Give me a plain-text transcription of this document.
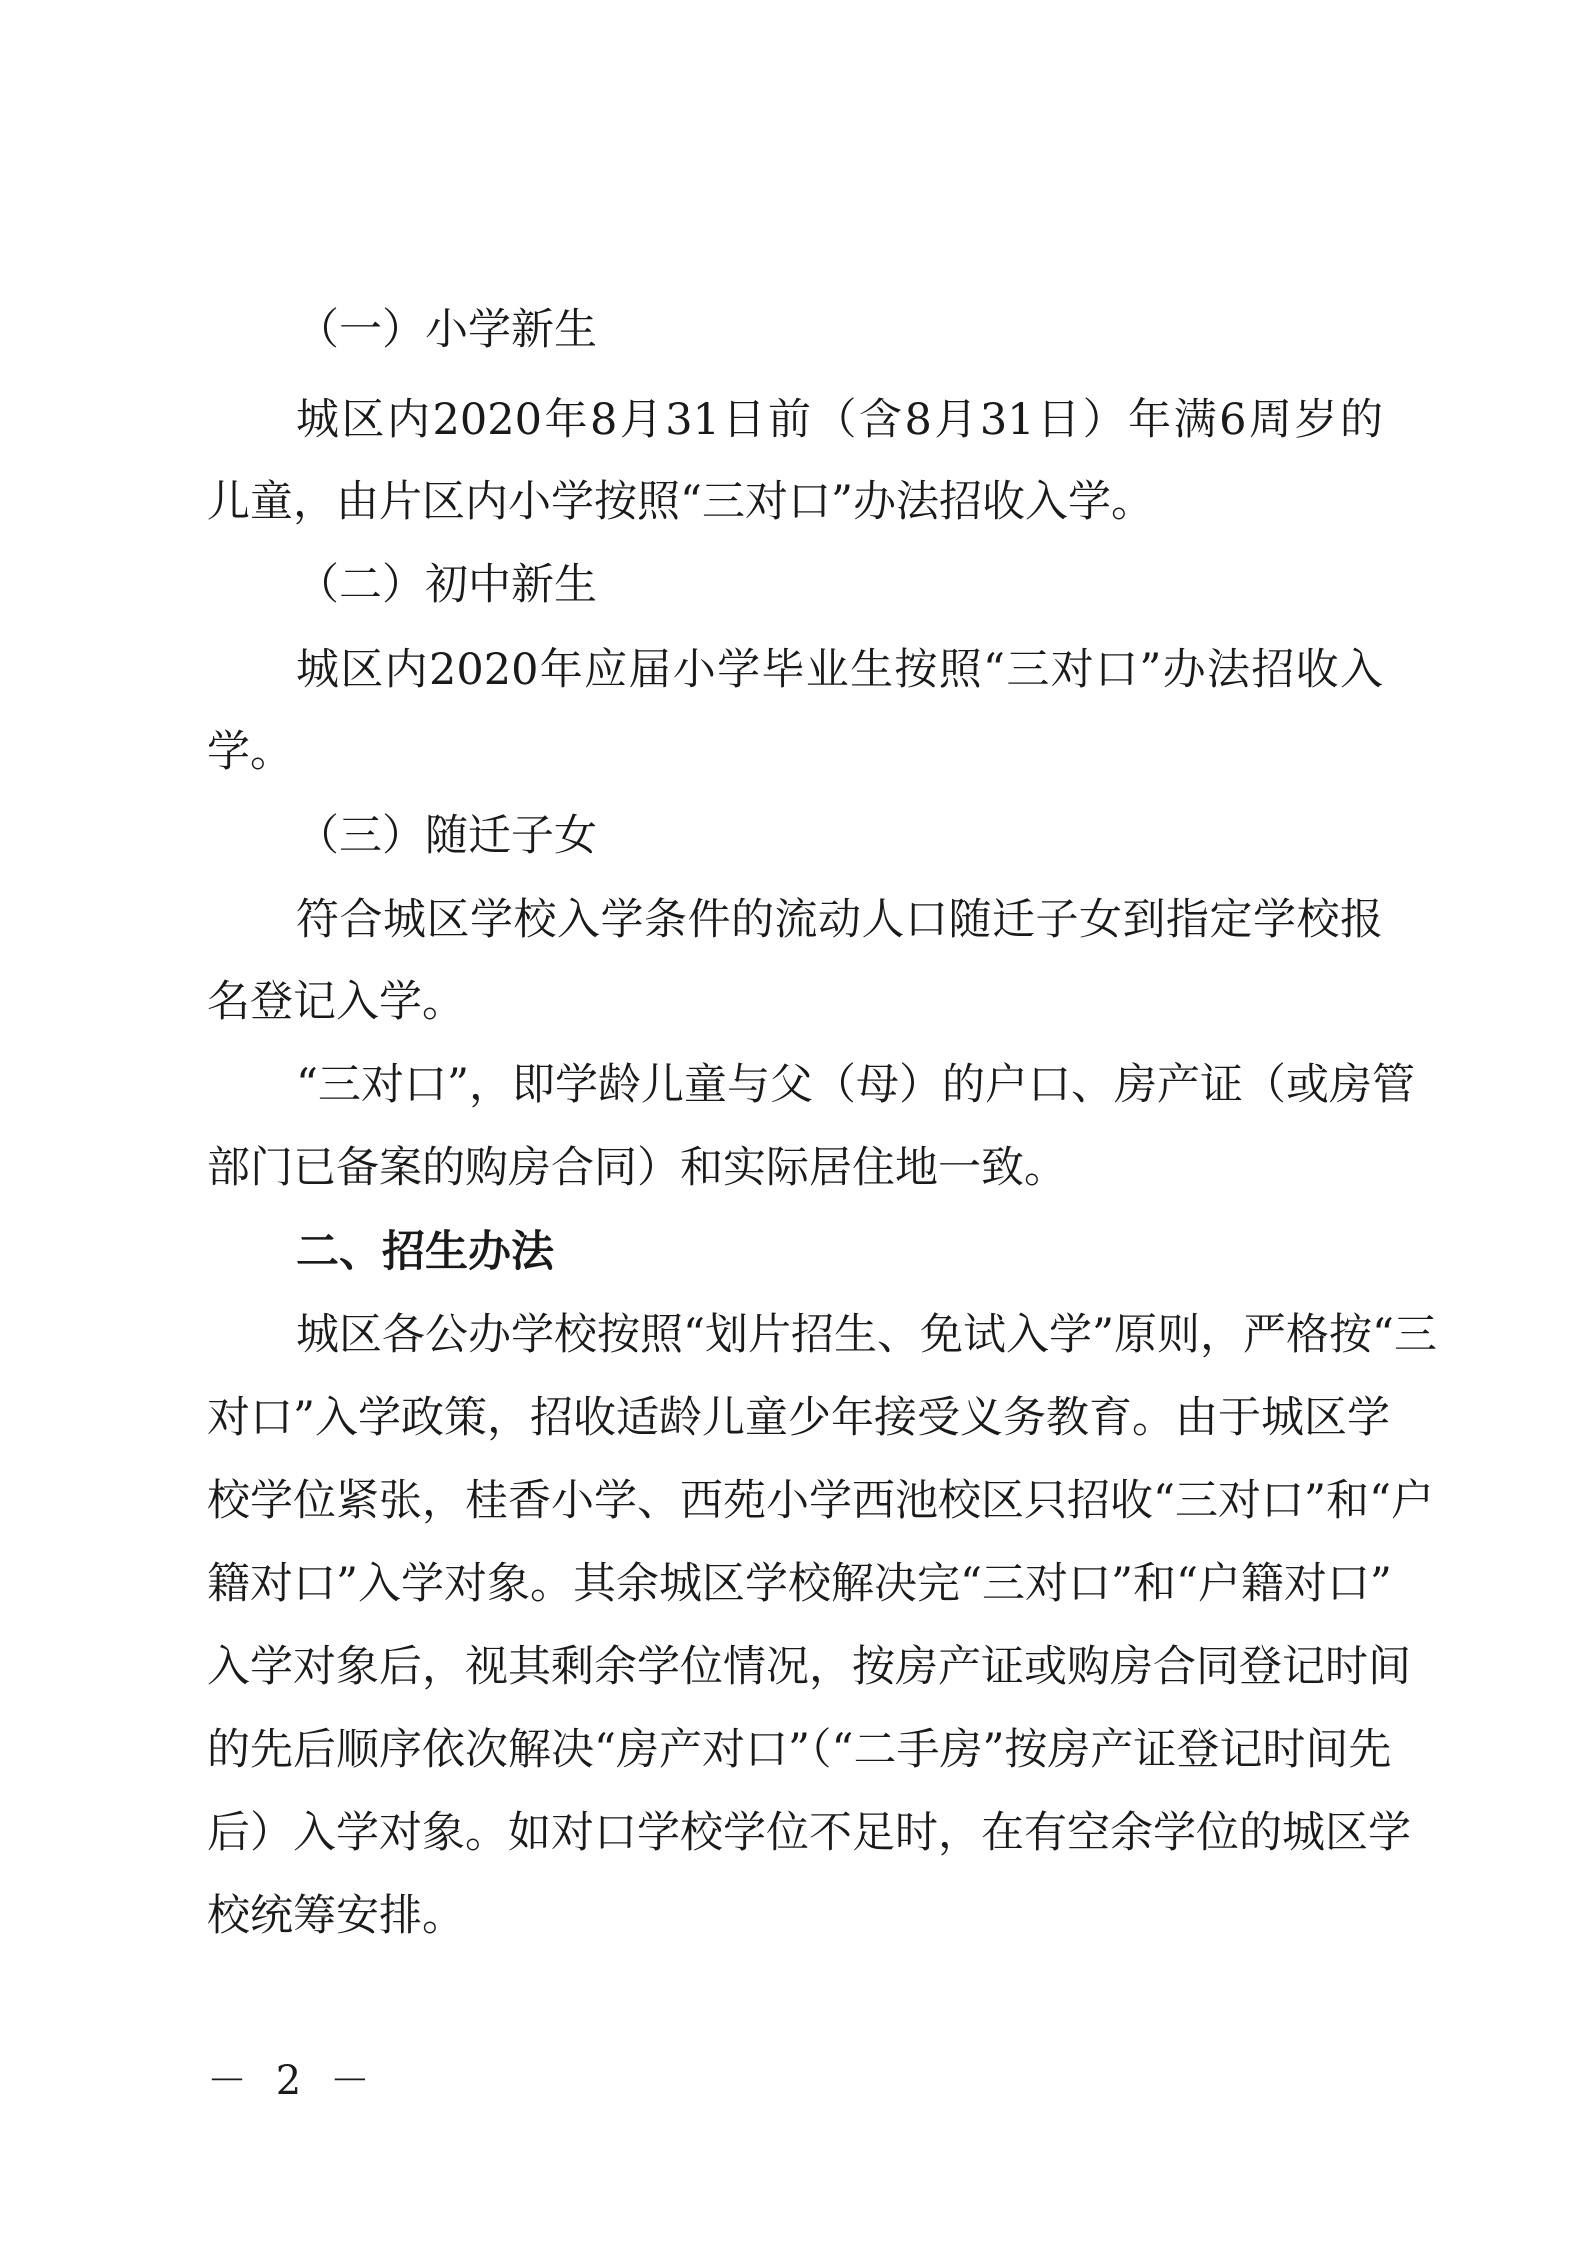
（一）小学新生
城区内2020年8月31日前（含8月31日）年满6周岁的
儿童，由片区内小学按照“三对口”办法招收入学。
（二）初中新生
城区内2020年应届小学毕业生按照“三对口”办法招收入
学。
（三）随迁子女
符合城区学校入学条件的流动人口随迁子女到指定学校报
名登记入学。
“三对口”，即学龄儿童与父（母）的户口、房产证（或房管
部门已备案的购房合同）和实际居住地一致。
二、招生办法
城区各公办学校按照“划片招生、免试入学”原则，严格按“三
对口”入学政策，招收适龄儿童少年接受义务教育。由于城区学
校学位紧张，桂香小学、西苑小学西池校区只招收“三对口”和“户
籍对口”入学对象。其余城区学校解决完“三对口”和“户籍对口”
入学对象后，视其剩余学位情况，按房产证或购房合同登记时间
的先后顺序依次解决“房产对口”（“二手房”按房产证登记时间先
后）入学对象。如对口学校学位不足时，在有空余学位的城区学
校统筹安排。
－ 2 －
